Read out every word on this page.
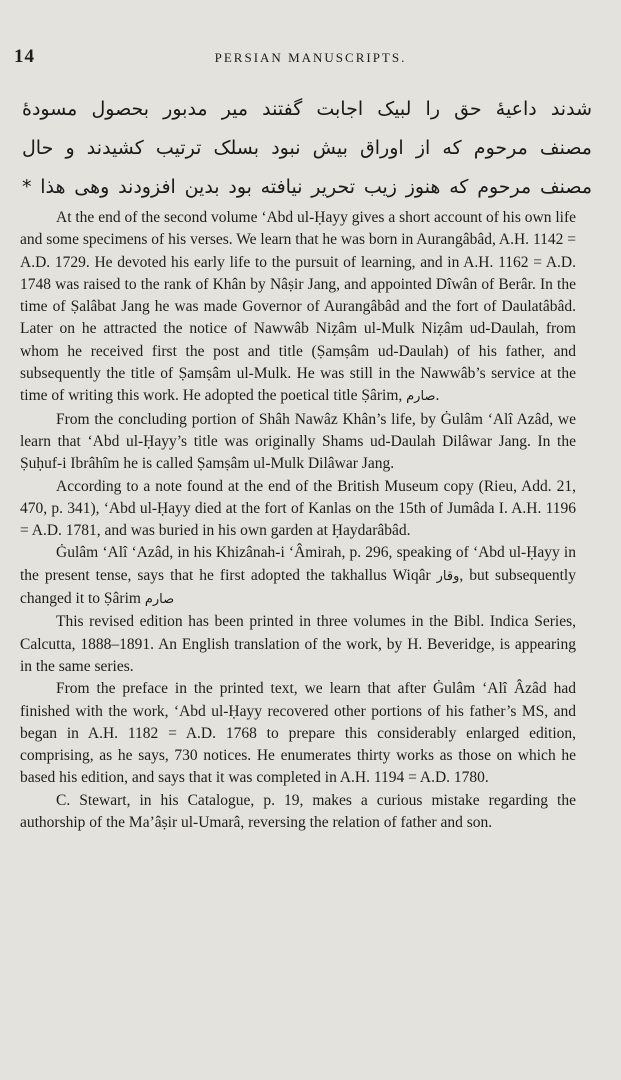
14	PERSIAN MANUSCRIPTS.
شدند داعیهٔ حق را لبیک اجابت گفتند میر مدبور بحصول مسودهٔ
مصنف مرحوم که از اوراق بیش نبود بسلک ترتیب کشیدند و حال
مصنف مرحوم که هنوز زیب تحریر نیافته بود بدین افزودند وهی هذا *

At the end of the second volume ‘Abd ul-Ḥayy gives a short account of his own life and some specimens of his verses. We learn that he was born in Aurangâbâd, A.H. 1142 = A.D. 1729. He devoted his early life to the pursuit of learning, and in A.H. 1162 = A.D. 1748 was raised to the rank of Khân by Nâṣir Jang, and appointed Dîwân of Berâr. In the time of Ṣalâbat Jang he was made Governor of Aurangâbâd and the fort of Daulatâbâd. Later on he attracted the notice of Nawwâb Niẓâm ul-Mulk Niẓâm ud-Daulah, from whom he received first the post and title (Ṣamṣâm ud-Daulah) of his father, and subsequently the title of Ṣamṣâm ul-Mulk. He was still in the Nawwâb’s service at the time of writing this work. He adopted the poetical title Ṣârim, صارم.

From the concluding portion of Shâh Nawâz Khân’s life, by Ġulâm ‘Alî Azâd, we learn that ‘Abd ul-Ḥayy’s title was originally Shams ud-Daulah Dilâwar Jang. In the Ṣuḥuf-i Ibrâhîm he is called Ṣamṣâm ul-Mulk Dilâwar Jang.

According to a note found at the end of the British Museum copy (Rieu, Add. 21, 470, p. 341), ‘Abd ul-Ḥayy died at the fort of Kanlas on the 15th of Jumâda I. A.H. 1196 = A.D. 1781, and was buried in his own garden at Ḥaydarâbâd.

Ġulâm ‘Alî ‘Azâd, in his Khizânah-i ‘Âmirah, p. 296, speaking of ‘Abd ul-Ḥayy in the present tense, says that he first adopted the takhallus Wiqâr وقار, but subsequently changed it to Ṣârim صارم

This revised edition has been printed in three volumes in the Bibl. Indica Series, Calcutta, 1888–1891. An English translation of the work, by H. Beveridge, is appearing in the same series.

From the preface in the printed text, we learn that after Ġulâm ‘Alî Âzâd had finished with the work, ‘Abd ul-Ḥayy recovered other portions of his father’s MS, and began in A.H. 1182 = A.D. 1768 to prepare this considerably enlarged edition, comprising, as he says, 730 notices. He enumerates thirty works as those on which he based his edition, and says that it was completed in A.H. 1194 = A.D. 1780.

C. Stewart, in his Catalogue, p. 19, makes a curious mistake regarding the authorship of the Ma’âṣir ul-Umarâ, reversing the relation of father and son.
